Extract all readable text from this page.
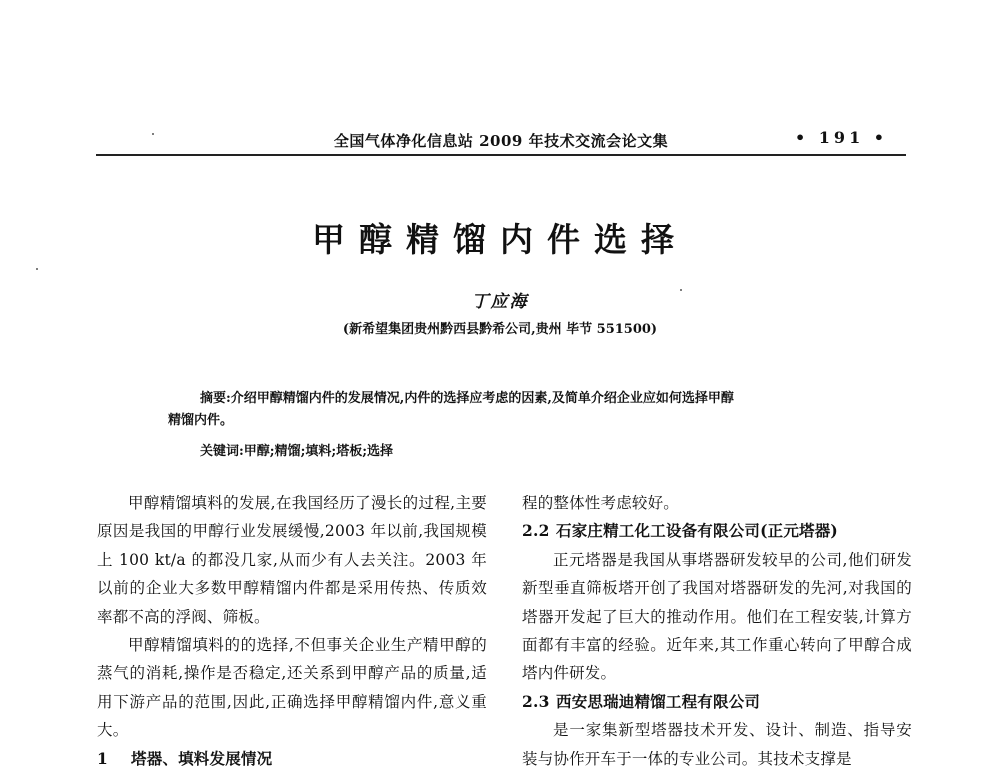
全国气体净化信息站 2009 年技术交流会论文集	• 191 •
甲醇精馏内件选择
丁应海
(新希望集团贵州黔西县黔希公司,贵州 毕节 551500)
摘要:介绍甲醇精馏内件的发展情况,内件的选择应考虑的因素,及简单介绍企业应如何选择甲醇
精馏内件。
关键词:甲醇;精馏;填料;塔板;选择

甲醇精馏填料的发展,在我国经历了漫长的过程,主要原因是我国的甲醇行业发展缓慢,2003 年以前,我国规模上 100 kt/a 的都没几家,从而少有人去关注。2003 年以前的企业大多数甲醇精馏内件都是采用传热、传质效率都不高的浮阀、筛板。

甲醇精馏填料的的选择,不但事关企业生产精甲醇的蒸气的消耗,操作是否稳定,还关系到甲醇产品的质量,适用下游产品的范围,因此,正确选择甲醇精馏内件,意义重大。

1 塔器、填料发展情况

程的整体性考虑较好。

2.2 石家庄精工化工设备有限公司(正元塔器)

正元塔器是我国从事塔器研发较早的公司,他们研发新型垂直筛板塔开创了我国对塔器研发的先河,对我国的塔器开发起了巨大的推动作用。他们在工程安装,计算方面都有丰富的经验。近年来,其工作重心转向了甲醇合成塔内件研发。

2.3 西安思瑞迪精馏工程有限公司

是一家集新型塔器技术开发、设计、制造、指导安装与协作开车于一体的专业公司。其技术支撑是
